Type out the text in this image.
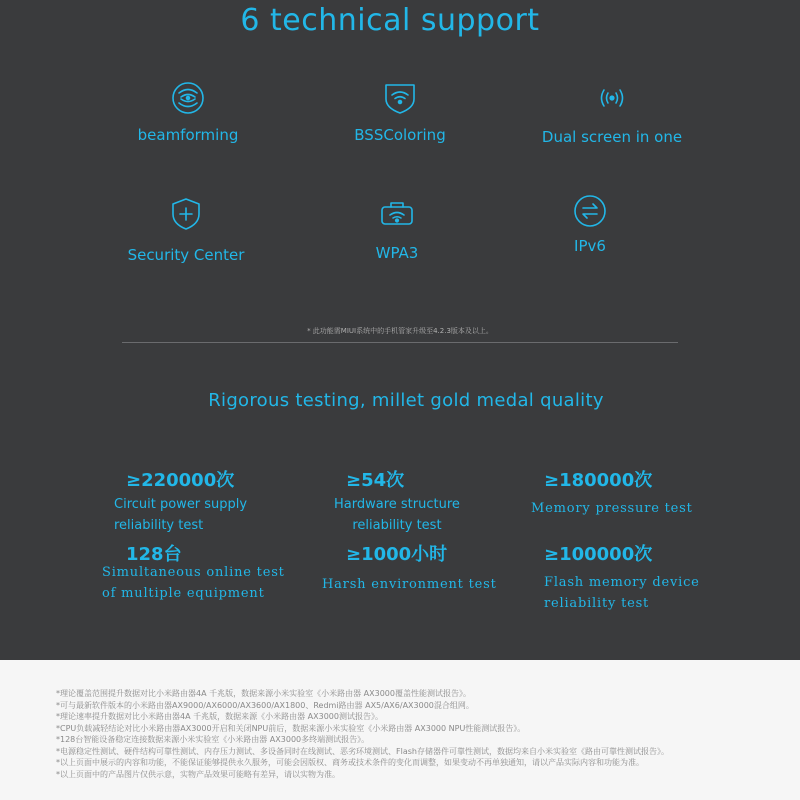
6 technical support
beamforming	BSSColoring	Dual screen in one
Security Center	WPA3	IPv6
* 此功能需MIUI系统中的手机管家升级至4.2.3版本及以上。
Rigorous testing, millet gold medal quality
≥220000次
Circuit power supply
reliability test
≥54次
Hardware structure
reliability test
≥180000次
Memory pressure test
128台
Simultaneous online test
of multiple equipment
≥1000小时
Harsh environment test
≥100000次
Flash memory device
reliability test

*理论覆盖范围提升数据对比小米路由器4A 千兆版，数据来源小米实验室《小米路由器 AX3000覆盖性能测试报告》。

*可与最新软件版本的小米路由器AX9000/AX6000/AX3600/AX1800、Redmi路由器 AX5/AX6/AX3000混合组网。

*理论速率提升数据对比小米路由器4A 千兆版，数据来源《小米路由器 AX3000测试报告》。

*CPU负载减轻结论对比小米路由器AX3000开启和关闭NPU前后，数据来源小米实验室《小米路由器 AX3000 NPU性能测试报告》。

*128台智能设备稳定连接数据来源小米实验室《小米路由器 AX3000多终端测试报告》。

*电源稳定性测试、硬件结构可靠性测试、内存压力测试、多设备同时在线测试、恶劣环境测试、Flash存储器件可靠性测试，数据均来自小米实验室《路由可靠性测试报告》。

*以上页面中展示的内容和功能，不能保证能够提供永久服务，可能会因版权、商务或技术条件的变化而调整，如果变动不再单独通知，请以产品实际内容和功能为准。

*以上页面中的产品图片仅供示意，实物产品效果可能略有差异，请以实物为准。
